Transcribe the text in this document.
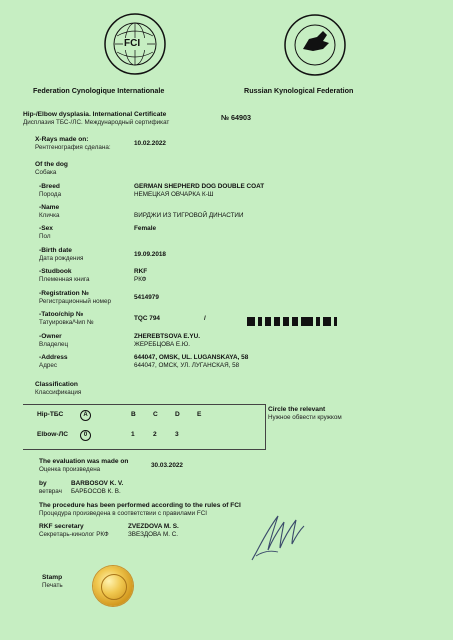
FCI
Federation Cynologique Internationale	Russian Kynological Federation
Hip-/Elbow dysplasia. International Certificate
Дисплазия ТБС-/ЛС. Международный сертификат
№ 64903
X-Rays made on:
Рентгенография сделана:
10.02.2022
Of the dog
Собака
-Breed
Порода
GERMAN SHEPHERD DOG DOUBLE COAT
НЕМЕЦКАЯ ОВЧАРКА К-Ш
-Name
Кличка	ВИРДЖИ ИЗ ТИГРОВОЙ ДИНАСТИИ
-Sex
Пол
Female
-Birth date
Дата рождения
19.09.2018
-Studbook
Племенная книга
RKF
РКФ
-Registration №
Регистрационный номер
5414979
-Tatoo/chip №
Татуировка/Чип №
TQC 794	/
-Owner
Владелец
ZHEREBTSOVA E.YU.
ЖЕРЕБЦОВА Е.Ю.
-Address
Адрес
644047, OMSK, UL. LUGANSKAYA, 58
644047, ОМСК, УЛ. ЛУГАНСКАЯ, 58
Classification
Классификация
Hip-ТБС	A	B	C	D	E
Elbow-ЛС	0	1	2	3
Circle the relevant
Нужное обвести кружком
The evaluation was made on
Оценка произведена
30.03.2022
by
ветврач
BARBOSOV K. V.
БАРБОСОВ К. В.
The procedure has been performed according to the rules of FCI
Процедура произведена в соответствии с правилами FCI
RKF secretary
Секретарь-кинолог РКФ
ZVEZDOVA M. S.
ЗВЕЗДОВА М. С.
Stamp
Печать
